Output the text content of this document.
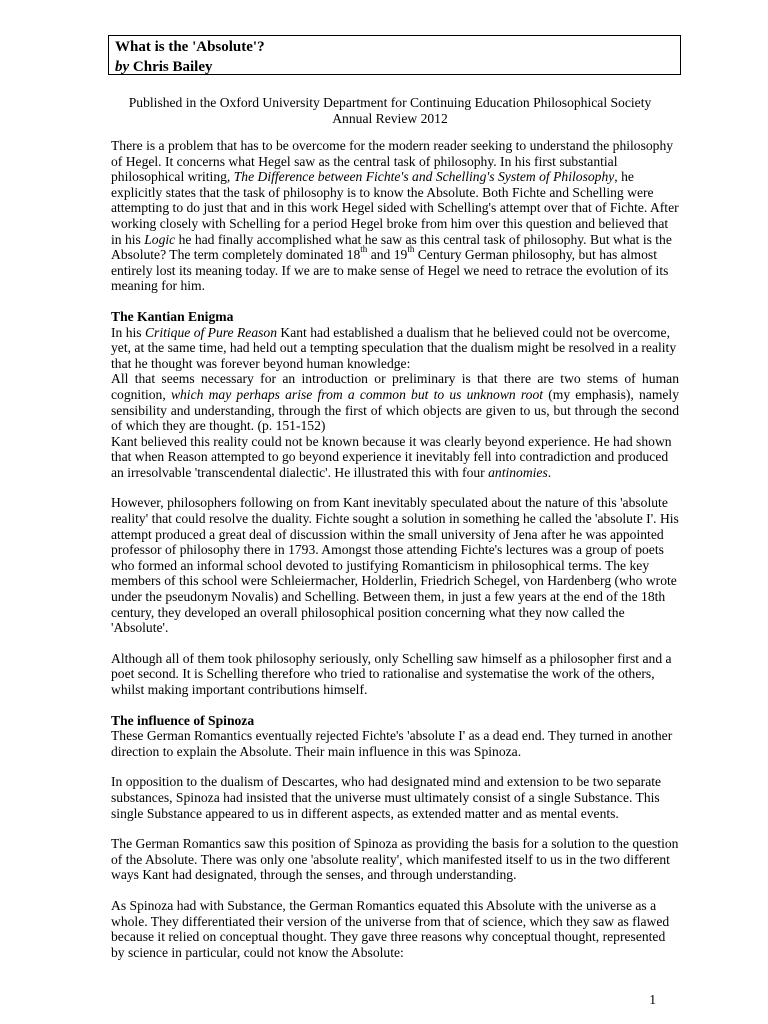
What is the 'Absolute'?
by Chris Bailey
Published in the Oxford University Department for Continuing Education Philosophical Society
Annual Review 2012

There is a problem that has to be overcome for the modern reader seeking to understand the philosophy of Hegel. It concerns what Hegel saw as the central task of philosophy. In his first substantial philosophical writing, The Difference between Fichte's and Schelling's System of Philosophy, he explicitly states that the task of philosophy is to know the Absolute. Both Fichte and Schelling were attempting to do just that and in this work Hegel sided with Schelling's attempt over that of Fichte. After working closely with Schelling for a period Hegel broke from him over this question and believed that in his Logic he had finally accomplished what he saw as this central task of philosophy. But what is the Absolute? The term completely dominated 18th and 19th Century German philosophy, but has almost entirely lost its meaning today. If we are to make sense of Hegel we need to retrace the evolution of its meaning for him.

The Kantian Enigma

In his Critique of Pure Reason Kant had established a dualism that he believed could not be overcome, yet, at the same time, had held out a tempting speculation that the dualism might be resolved in a reality that he thought was forever beyond human knowledge:

All that seems necessary for an introduction or preliminary is that there are two stems of human cognition, which may perhaps arise from a common but to us unknown root (my emphasis), namely sensibility and understanding, through the first of which objects are given to us, but through the second of which they are thought. (p. 151-152)

Kant believed this reality could not be known because it was clearly beyond experience. He had shown that when Reason attempted to go beyond experience it inevitably fell into contradiction and produced an irresolvable 'transcendental dialectic'. He illustrated this with four antinomies.

However, philosophers following on from Kant inevitably speculated about the nature of this 'absolute reality' that could resolve the duality. Fichte sought a solution in something he called the 'absolute I'. His attempt produced a great deal of discussion within the small university of Jena after he was appointed professor of philosophy there in 1793. Amongst those attending Fichte's lectures was a group of poets who formed an informal school devoted to justifying Romanticism in philosophical terms. The key members of this school were Schleiermacher, Holderlin, Friedrich Schegel, von Hardenberg (who wrote under the pseudonym Novalis) and Schelling. Between them, in just a few years at the end of the 18th century, they developed an overall philosophical position concerning what they now called the 'Absolute'.

Although all of them took philosophy seriously, only Schelling saw himself as a philosopher first and a poet second. It is Schelling therefore who tried to rationalise and systematise the work of the others, whilst making important contributions himself.

The influence of Spinoza

These German Romantics eventually rejected Fichte's 'absolute I' as a dead end. They turned in another direction to explain the Absolute. Their main influence in this was Spinoza.

In opposition to the dualism of Descartes, who had designated mind and extension to be two separate substances, Spinoza had insisted that the universe must ultimately consist of a single Substance. This single Substance appeared to us in different aspects, as extended matter and as mental events.

The German Romantics saw this position of Spinoza as providing the basis for a solution to the question of the Absolute. There was only one 'absolute reality', which manifested itself to us in the two different ways Kant had designated, through the senses, and through understanding.

As Spinoza had with Substance, the German Romantics equated this Absolute with the universe as a whole. They differentiated their version of the universe from that of science, which they saw as flawed because it relied on conceptual thought. They gave three reasons why conceptual thought, represented by science in particular, could not know the Absolute:

1
